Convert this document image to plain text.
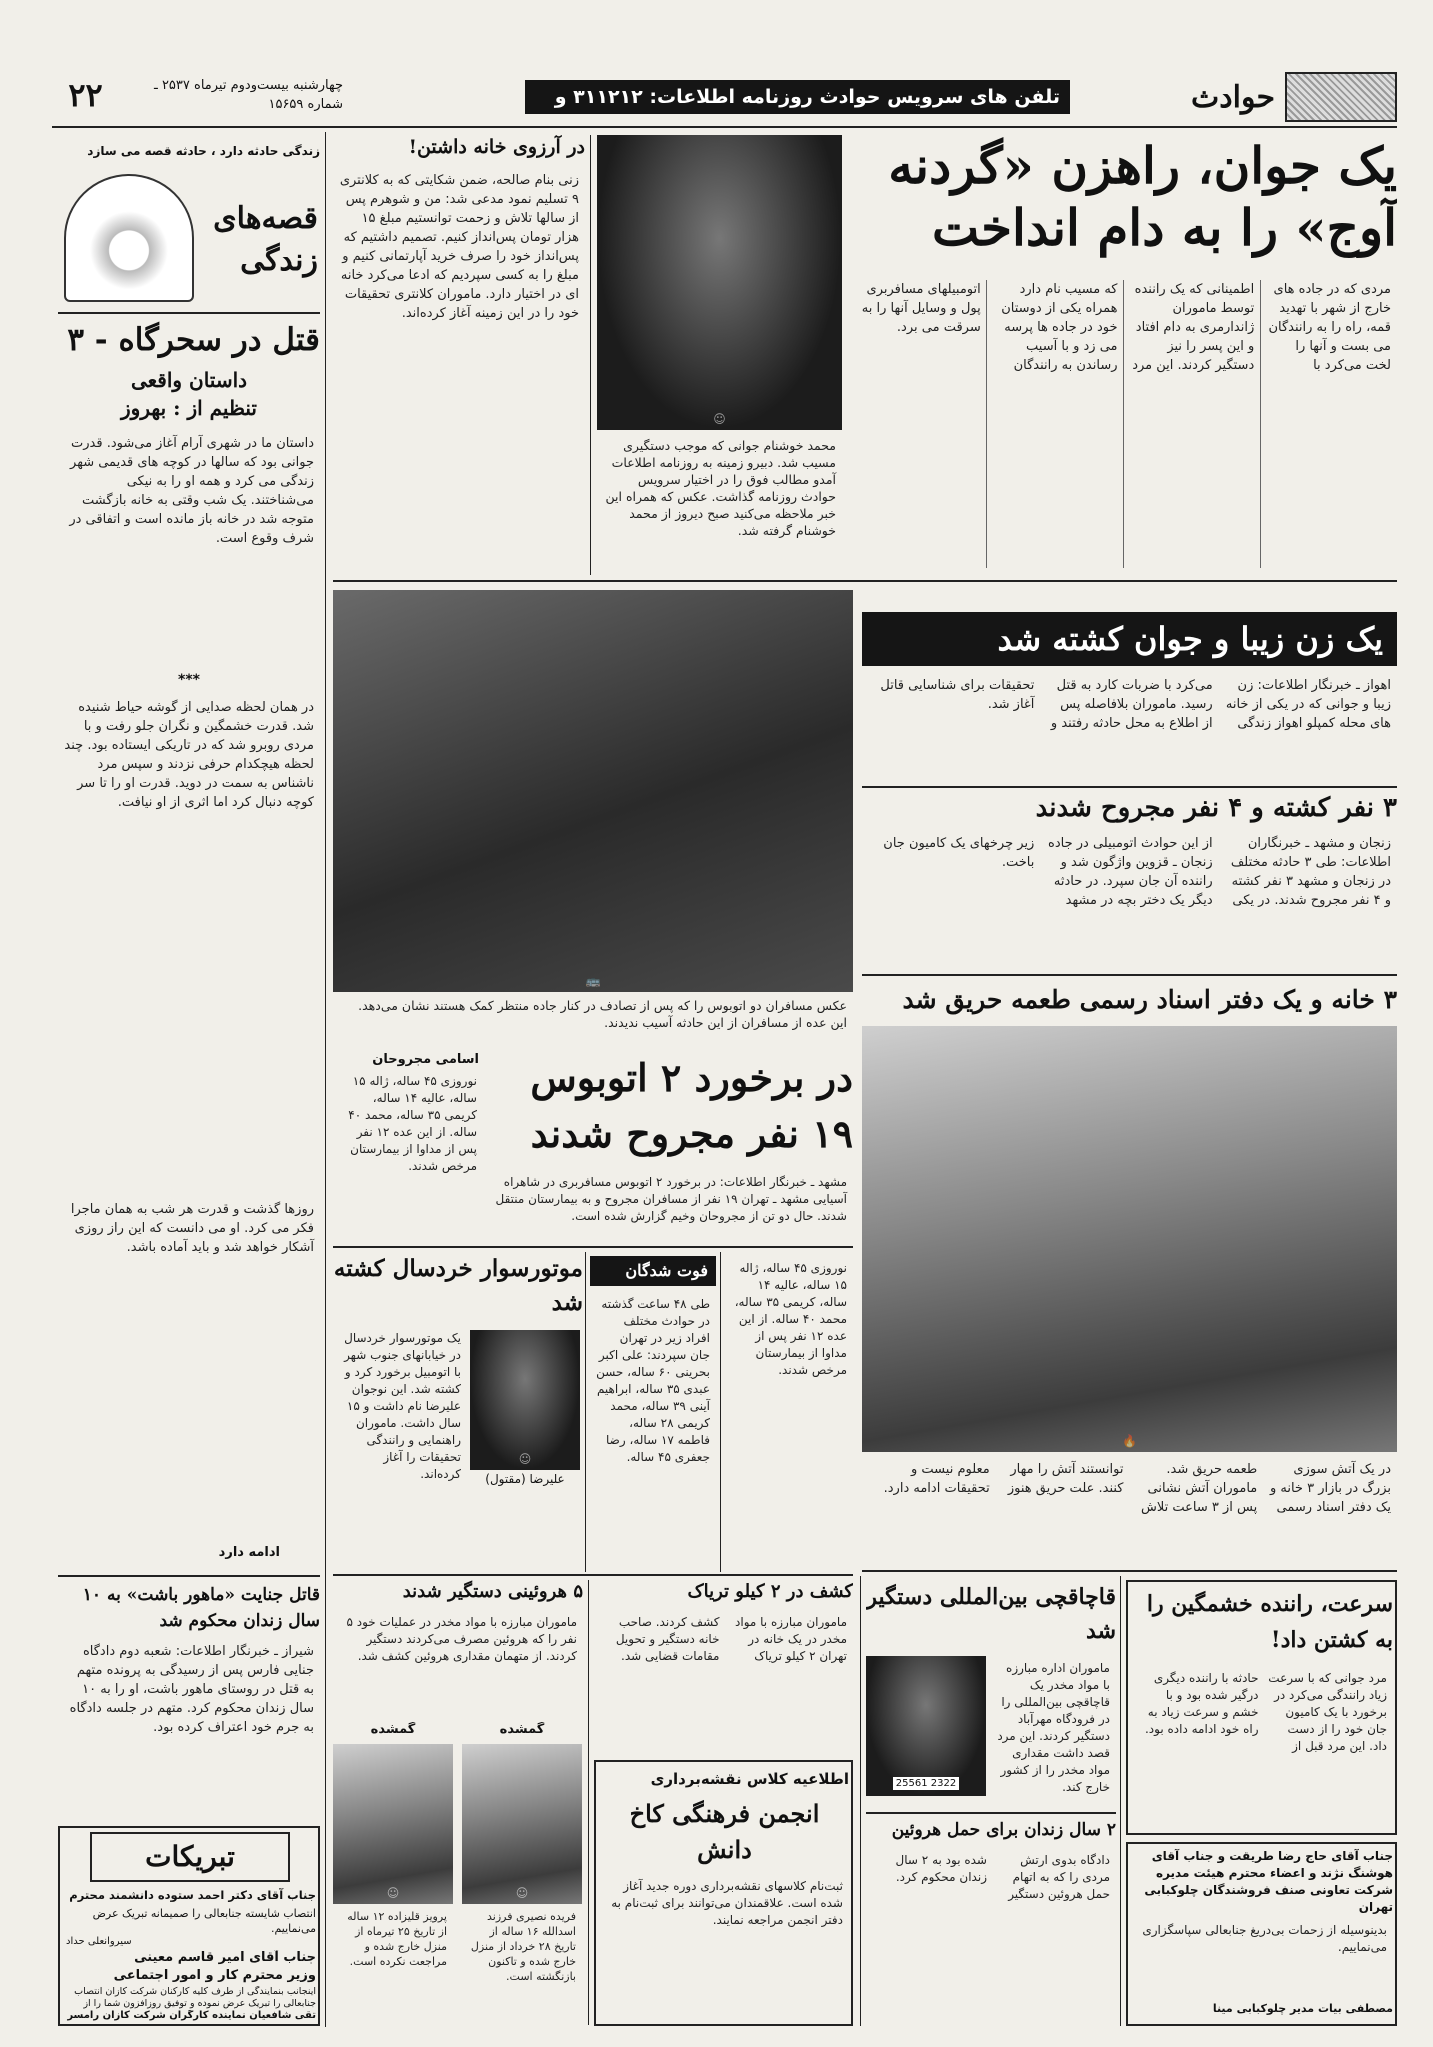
حوادث
تلفن های سرویس حوادث روزنامه اطلاعات: ۳۱۱۲۱۲ و
۲۲	چهارشنبه بیست‌ودوم تیرماه ۲۵۳۷ ـ شماره ۱۵۶۵۹
زندگی حادثه دارد ، حادثه قصه می سازد
قصه‌های زندگی
قتل در سحرگاه - ۳
داستان واقعی
تنظیم از : بهروز
داستان ما در شهری آرام آغاز می‌شود. قدرت جوانی بود که سالها در کوچه های قدیمی شهر زندگی می کرد و همه او را به نیکی می‌شناختند. یک شب وقتی به خانه بازگشت متوجه شد در خانه باز مانده است و اتفاقی در شرف وقوع است.
***
در همان لحظه صدایی از گوشه حیاط شنیده شد. قدرت خشمگین و نگران جلو رفت و با مردی روبرو شد که در تاریکی ایستاده بود. چند لحظه هیچکدام حرفی نزدند و سپس مرد ناشناس به سمت در دوید. قدرت او را تا سر کوچه دنبال کرد اما اثری از او نیافت.
روزها گذشت و قدرت هر شب به همان ماجرا فکر می کرد. او می دانست که این راز روزی آشکار خواهد شد و باید آماده باشد.
ادامه دارد
قاتل جنایت «ماهور باشت» به ۱۰ سال زندان محکوم شد
شیراز ـ خبرنگار اطلاعات: شعبه دوم دادگاه جنایی فارس پس از رسیدگی به پرونده متهم به قتل در روستای ماهور باشت، او را به ۱۰ سال زندان محکوم کرد. متهم در جلسه دادگاه به جرم خود اعتراف کرده بود.
تبریکات
جناب آقای دکتر احمد ستوده دانشمند محترم
انتصاب شایسته جنابعالی را صمیمانه تبریک عرض می‌نماییم.
سیروانعلی حداد
جناب آقای امیر قاسم معینی
وزیر محترم کار و امور اجتماعی
اینجانب بنمایندگی از طرف کلیه کارکنان شرکت کازان انتصاب جنابعالی را تبریک عرض نموده و توفیق روزافزون شما را از
تقی شافعیان نماینده کارگران شرکت کازان رامسر
در آرزوی خانه داشتن!
زنی بنام صالحه، ضمن شکایتی که به کلانتری ۹ تسلیم نمود مدعی شد: من و شوهرم پس از سالها تلاش و زحمت توانستیم مبلغ ۱۵ هزار تومان پس‌انداز کنیم. تصمیم داشتیم که پس‌انداز خود را صرف خرید آپارتمانی کنیم و مبلغ را به کسی سپردیم که ادعا می‌کرد خانه ای در اختیار دارد. ماموران کلانتری تحقیقات خود را در این زمینه آغاز کرده‌اند.
☺
محمد خوشنام جوانی که موجب دستگیری مسیب شد. دبیرو زمینه به روزنامه اطلاعات آمدو مطالب فوق را در اختیار سرویس حوادث روزنامه گذاشت. عکس که همراه این خبر ملاحظه می‌کنید صبح دیروز از محمد خوشنام گرفته شد.
یک جوان، راهزن «گردنه آوج» را به دام انداخت
مردی که در جاده های خارج از شهر با تهدید قمه، راه را به رانندگان می بست و آنها را لخت می‌کرد با اطمینانی که یک راننده توسط ماموران ژاندارمری به دام افتاد و این پسر را نیز دستگیر کردند. این مرد که مسیب نام دارد همراه یکی از دوستان خود در جاده ها پرسه می زد و با آسیب رساندن به رانندگان اتومبیلهای مسافربری پول و وسایل آنها را به سرقت می برد.
🚌
عکس مسافران دو اتوبوس را که پس از تصادف در کنار جاده منتظر کمک هستند نشان می‌دهد. این عده از مسافران از این حادثه آسیب ندیدند.
یک زن زیبا و جوان کشته شد
اهواز ـ خبرنگار اطلاعات: زن زیبا و جوانی که در یکی از خانه های محله کمپلو اهواز زندگی می‌کرد با ضربات کارد به قتل رسید. ماموران بلافاصله پس از اطلاع به محل حادثه رفتند و تحقیقات برای شناسایی قاتل آغاز شد.
۳ نفر کشته و ۴ نفر مجروح شدند
زنجان و مشهد ـ خبرنگاران اطلاعات: طی ۳ حادثه مختلف در زنجان و مشهد ۳ نفر کشته و ۴ نفر مجروح شدند. در یکی از این حوادث اتومبیلی در جاده زنجان ـ قزوین واژگون شد و راننده آن جان سپرد. در حادثه دیگر یک دختر بچه در مشهد زیر چرخهای یک کامیون جان باخت.
۳ خانه و یک دفتر اسناد رسمی طعمه حریق شد
🔥
در یک آتش سوزی بزرگ در بازار ۳ خانه و یک دفتر اسناد رسمی طعمه حریق شد. ماموران آتش نشانی پس از ۳ ساعت تلاش توانستند آتش را مهار کنند. علت حریق هنوز معلوم نیست و تحقیقات ادامه دارد.
اسامی مجروحان
نوروزی ۴۵ ساله، ژاله ۱۵ ساله، عالیه ۱۴ ساله، کریمی ۳۵ ساله، محمد ۴۰ ساله. از این عده ۱۲ نفر پس از مداوا از بیمارستان مرخص شدند.
در برخورد ۲ اتوبوس ۱۹ نفر مجروح شدند
مشهد ـ خبرنگار اطلاعات: در برخورد ۲ اتوبوس مسافربری در شاهراه آسیایی مشهد ـ تهران ۱۹ نفر از مسافران مجروح و به بیمارستان منتقل شدند. حال دو تن از مجروحان وخیم گزارش شده است.
موتورسوار خردسال کشته شد
☺
علیرضا (مقتول)
یک موتورسوار خردسال در خیابانهای جنوب شهر با اتومبیل برخورد کرد و کشته شد. این نوجوان علیرضا نام داشت و ۱۵ سال داشت. ماموران راهنمایی و رانندگی تحقیقات را آغاز کرده‌اند.
فوت شدگان
طی ۴۸ ساعت گذشته در حوادث مختلف افراد زیر در تهران جان سپردند: علی اکبر بحرینی ۶۰ ساله، حسن عبدی ۳۵ ساله، ابراهیم آینی ۳۹ ساله، محمد کریمی ۲۸ ساله، فاطمه ۱۷ ساله، رضا جعفری ۴۵ ساله.
نوروزی ۴۵ ساله، ژاله ۱۵ ساله، عالیه ۱۴ ساله، کریمی ۳۵ ساله، محمد ۴۰ ساله. از این عده ۱۲ نفر پس از مداوا از بیمارستان مرخص شدند.
۵ هروئینی دستگیر شدند
ماموران مبارزه با مواد مخدر در عملیات خود ۵ نفر را که هروئین مصرف می‌کردند دستگیر کردند. از متهمان مقداری هروئین کشف شد.
گمشده	گمشده
☺	☺
پرویز قلیزاده ۱۲ ساله از تاریخ ۲۵ تیرماه از منزل خارج شده و مراجعت نکرده است.
فریده نصیری فرزند اسدالله ۱۶ ساله از تاریخ ۲۸ خرداد از منزل خارج شده و تاکنون بازنگشته است.
کشف در ۲ کیلو تریاک
ماموران مبارزه با مواد مخدر در یک خانه در تهران ۲ کیلو تریاک کشف کردند. صاحب خانه دستگیر و تحویل مقامات قضایی شد.
اطلاعیه کلاس نقشه‌برداری
انجمن فرهنگی کاخ دانش
ثبت‌نام کلاسهای نقشه‌برداری دوره جدید آغاز شده است. علاقمندان می‌توانند برای ثبت‌نام به دفتر انجمن مراجعه نمایند.
قاچاقچی بین‌المللی دستگیر شد
25561 2322
ماموران اداره مبارزه با مواد مخدر یک قاچاقچی بین‌المللی را در فرودگاه مهرآباد دستگیر کردند. این مرد قصد داشت مقداری مواد مخدر را از کشور خارج کند.
۲ سال زندان برای حمل هروئین
دادگاه بدوی ارتش مردی را که به اتهام حمل هروئین دستگیر شده بود به ۲ سال زندان محکوم کرد.
سرعت، راننده خشمگین را به کشتن داد!
مرد جوانی که با سرعت زیاد رانندگی می‌کرد در برخورد با یک کامیون جان خود را از دست داد. این مرد قبل از حادثه با راننده دیگری درگیر شده بود و با خشم و سرعت زیاد به راه خود ادامه داده بود.
جناب آقای حاج رضا طریقت و جناب آقای هوشنگ نژند و اعضاء محترم هیئت مدیره شرکت تعاونی صنف فروشندگان چلوکبابی تهران
بدینوسیله از زحمات بی‌دریغ جنابعالی سپاسگزاری می‌نماییم.
مصطفی بیات مدیر چلوکبابی مینا
